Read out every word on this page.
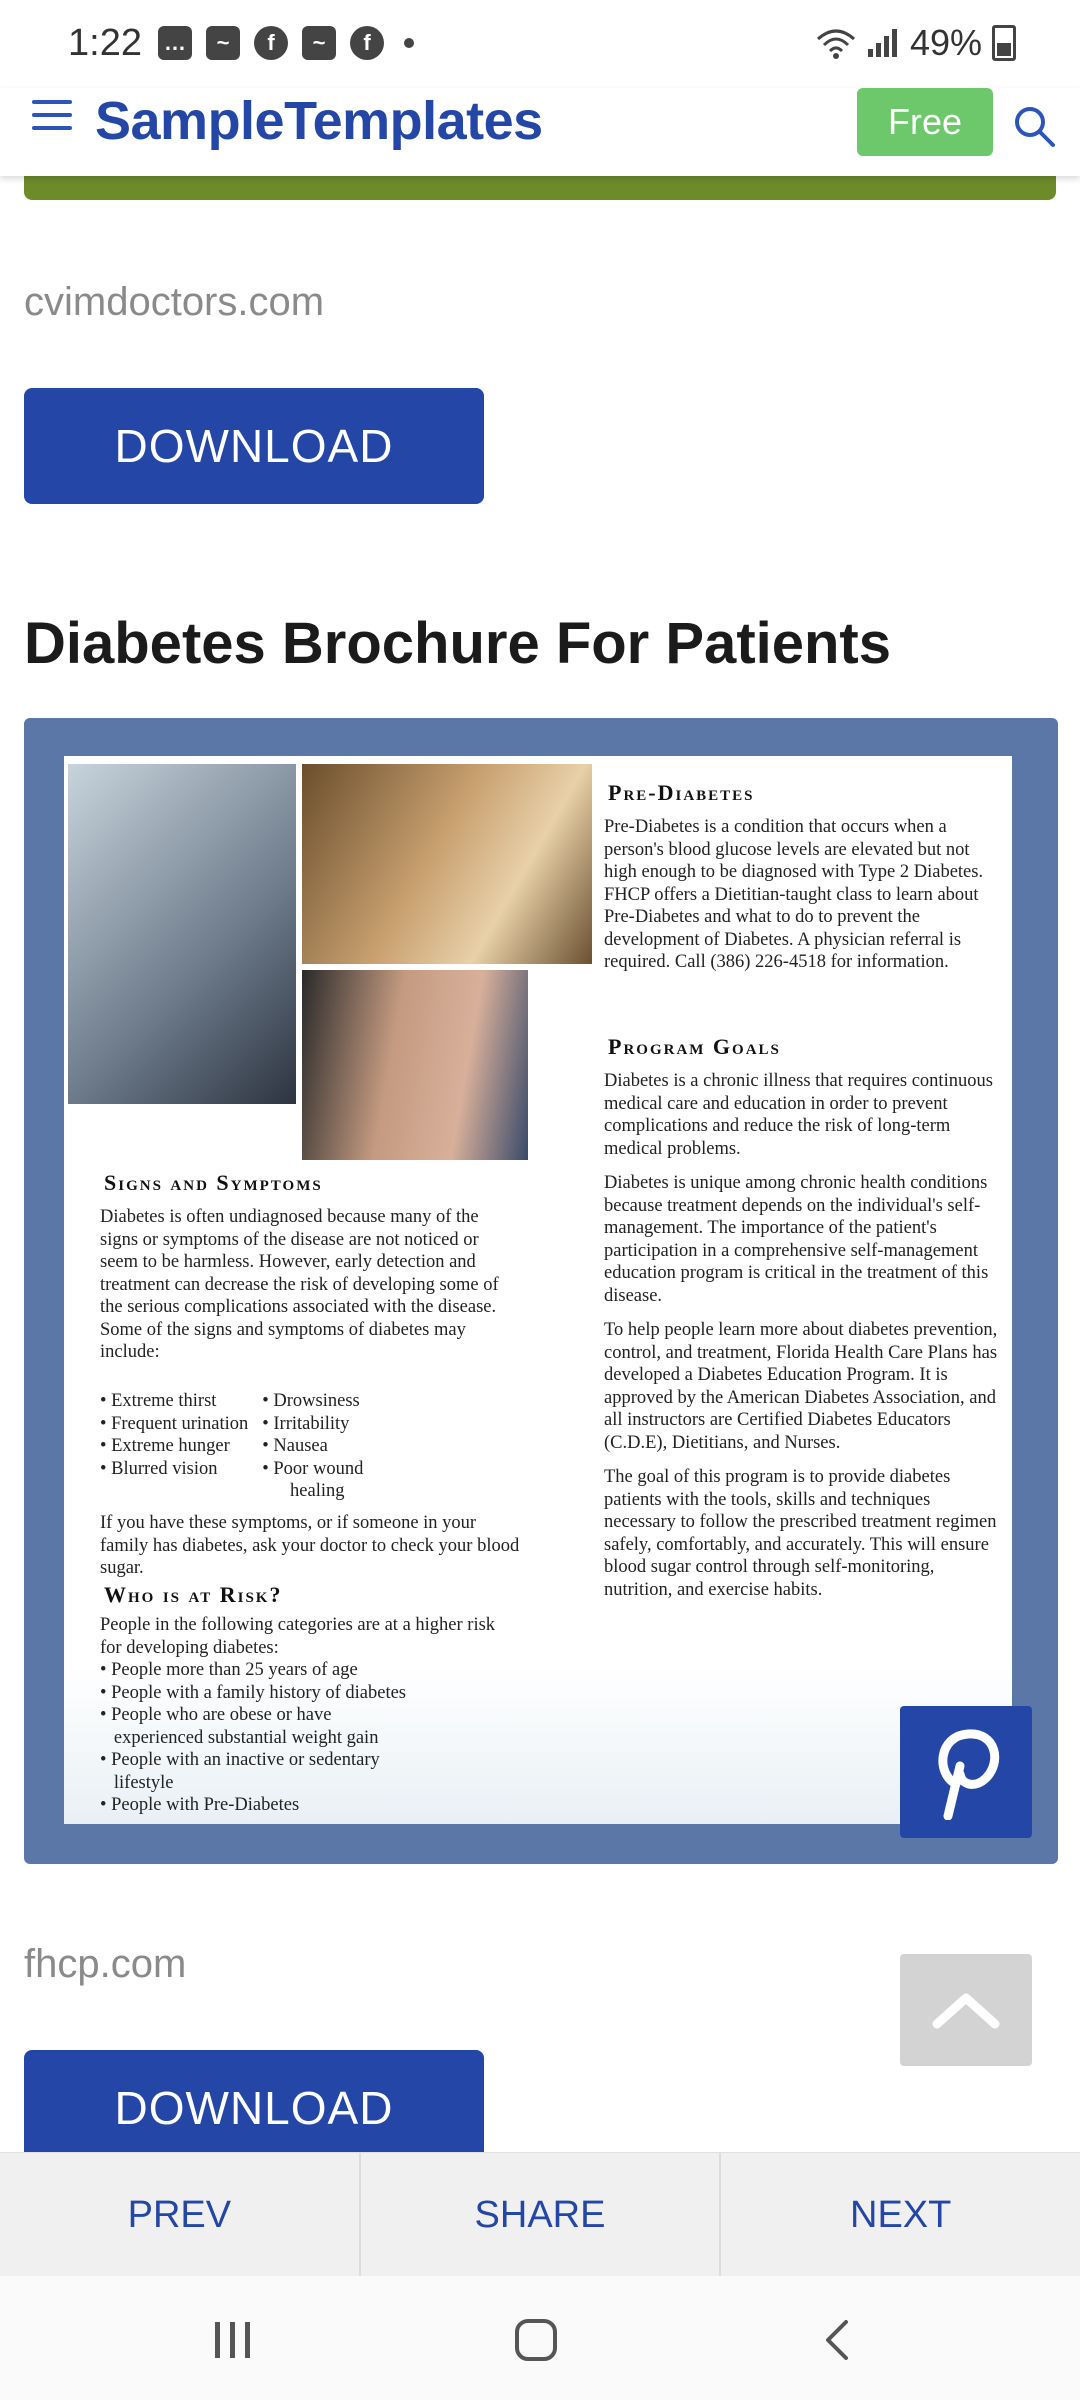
1:22 …	~	f	~	f	49%
SampleTemplates	Free
cvimdoctors.com
DOWNLOAD
Diabetes Brochure For Patients
Pre-Diabetes
Pre-Diabetes is a condition that occurs when a person's blood glucose levels are elevated but not high enough to be diagnosed with Type 2 Diabetes. FHCP offers a Dietitian-taught class to learn about Pre-Diabetes and what to do to prevent the development of Diabetes. A physician referral is required. Call (386) 226-4518 for information.
Program Goals

Diabetes is a chronic illness that requires continuous medical care and education in order to prevent complications and reduce the risk of long-term medical problems.

Diabetes is unique among chronic health conditions because treatment depends on the individual's self-management. The importance of the patient's participation in a comprehensive self-management education program is critical in the treatment of this disease.

To help people learn more about diabetes prevention, control, and treatment, Florida Health Care Plans has developed a Diabetes Education Program. It is approved by the American Diabetes Association, and all instructors are Certified Diabetes Educators (C.D.E), Dietitians, and Nurses.

The goal of this program is to provide diabetes patients with the tools, skills and techniques necessary to follow the prescribed treatment regimen safely, comfortably, and accurately. This will ensure blood sugar control through self-monitoring, nutrition, and exercise habits.

Signs and Symptoms
Diabetes is often undiagnosed because many of the signs or symptoms of the disease are not noticed or seem to be harmless. However, early detection and treatment can decrease the risk of developing some of the serious complications associated with the disease. Some of the signs and symptoms of diabetes may include:
• Extreme thirst
• Frequent urination
• Extreme hunger
• Blurred vision
• Drowsiness
• Irritability
• Nausea
• Poor wound
healing
If you have these symptoms, or if someone in your family has diabetes, ask your doctor to check your blood sugar.
Who is at Risk?
People in the following categories are at a higher risk for developing diabetes:
• People more than 25 years of age
• People with a family history of diabetes
• People who are obese or have
experienced substantial weight gain
• People with an inactive or sedentary
lifestyle
• People with Pre-Diabetes
fhcp.com
DOWNLOAD
PREV	SHARE	NEXT
